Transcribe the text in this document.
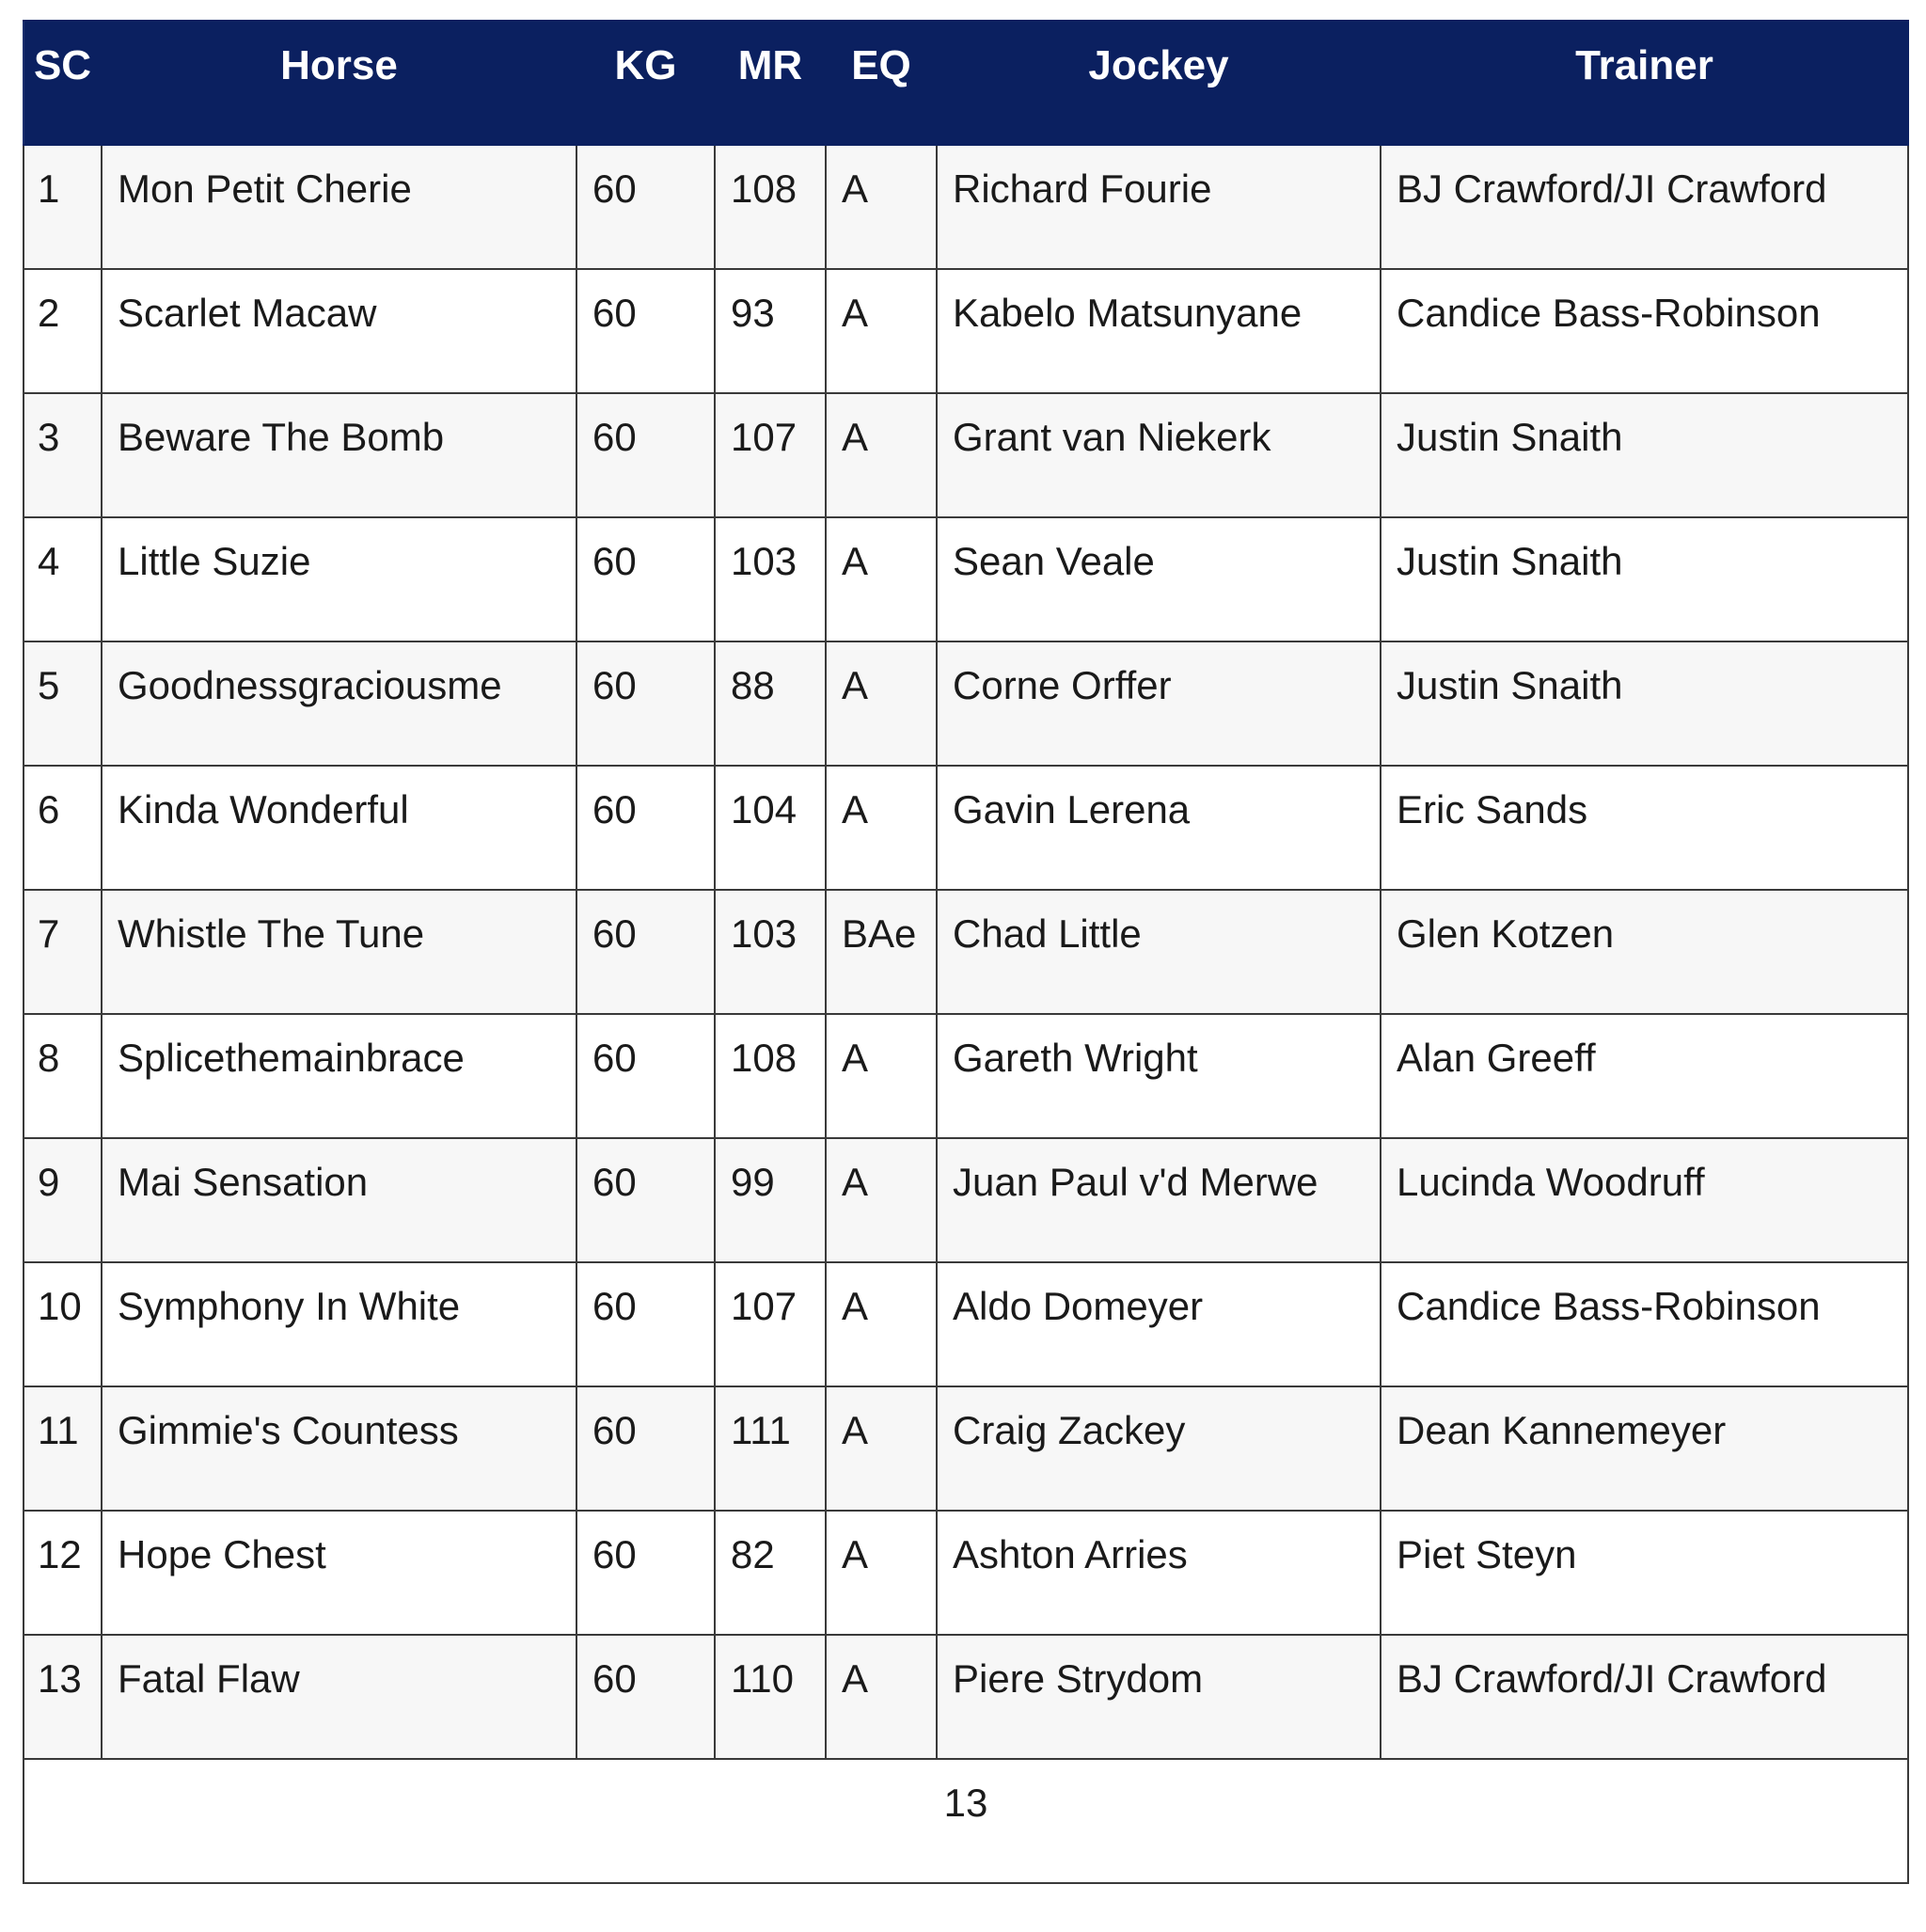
SC	Horse	KG	MR	EQ	Jockey	Trainer
1	Mon Petit Cherie	60	108	A	Richard Fourie	BJ Crawford/JI Crawford
2	Scarlet Macaw	60	93	A	Kabelo Matsunyane	Candice Bass-Robinson
3	Beware The Bomb	60	107	A	Grant van Niekerk	Justin Snaith
4	Little Suzie	60	103	A	Sean Veale	Justin Snaith
5	Goodnessgraciousme	60	88	A	Corne Orffer	Justin Snaith
6	Kinda Wonderful	60	104	A	Gavin Lerena	Eric Sands
7	Whistle The Tune	60	103	BAe	Chad Little	Glen Kotzen
8	Splicethemainbrace	60	108	A	Gareth Wright	Alan Greeff
9	Mai Sensation	60	99	A	Juan Paul v'd Merwe	Lucinda Woodruff
10	Symphony In White	60	107	A	Aldo Domeyer	Candice Bass-Robinson
11	Gimmie's Countess	60	111	A	Craig Zackey	Dean Kannemeyer
12	Hope Chest	60	82	A	Ashton Arries	Piet Steyn
13	Fatal Flaw	60	110	A	Piere Strydom	BJ Crawford/JI Crawford
13						
